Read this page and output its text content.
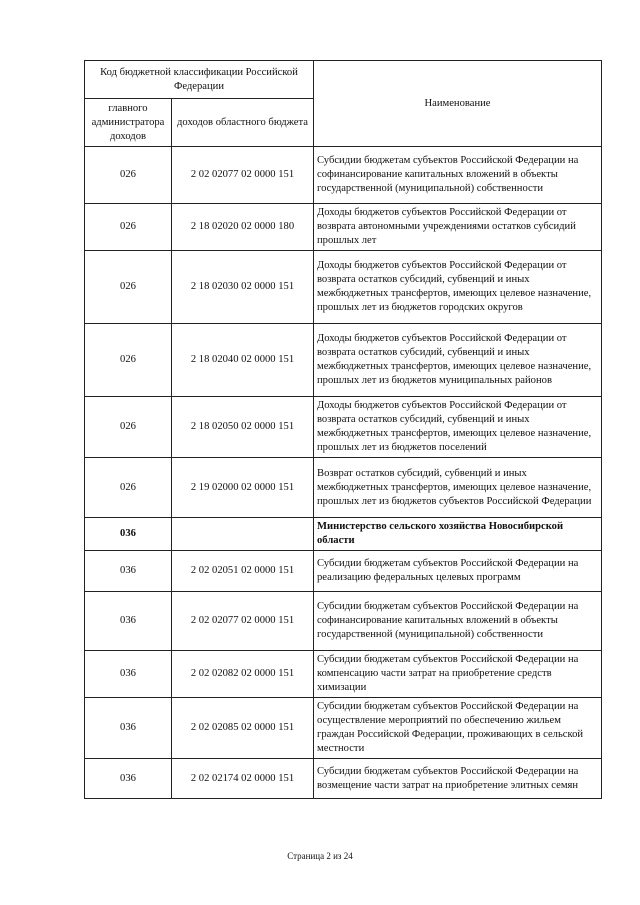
Код бюджетной классификации Российской Федерации		Наименование
главного администратора доходов	доходов областного бюджета	
026	2 02 02077 02 0000 151	Субсидии бюджетам субъектов Российской Федерации на софинансирование капитальных вложений в объекты государственной (муниципальной) собственности
026	2 18 02020 02 0000 180	Доходы бюджетов субъектов Российской Федерации от возврата автономными учреждениями остатков субсидий прошлых лет
026	2 18 02030 02 0000 151	Доходы бюджетов субъектов Российской Федерации от возврата остатков субсидий, субвенций и иных межбюджетных трансфертов, имеющих целевое назначение, прошлых лет из бюджетов городских округов
026	2 18 02040 02 0000 151	Доходы бюджетов субъектов Российской Федерации от возврата остатков субсидий, субвенций и иных межбюджетных трансфертов, имеющих целевое назначение, прошлых лет из бюджетов муниципальных районов
026	2 18 02050 02 0000 151	Доходы бюджетов субъектов Российской Федерации от возврата остатков субсидий, субвенций и иных межбюджетных трансфертов, имеющих целевое назначение, прошлых лет из бюджетов поселений
026	2 19 02000 02 0000 151	Возврат остатков субсидий, субвенций и иных межбюджетных трансфертов, имеющих целевое назначение, прошлых лет из бюджетов субъектов Российской Федерации
036		Министерство сельского хозяйства Новосибирской области
036	2 02 02051 02 0000 151	Субсидии бюджетам субъектов Российской Федерации на реализацию федеральных целевых программ
036	2 02 02077 02 0000 151	Субсидии бюджетам субъектов Российской Федерации на софинансирование капитальных вложений в объекты государственной (муниципальной) собственности
036	2 02 02082 02 0000 151	Субсидии бюджетам субъектов Российской Федерации на компенсацию части затрат на приобретение средств химизации
036	2 02 02085 02 0000 151	Субсидии бюджетам субъектов Российской Федерации на осуществление мероприятий по обеспечению жильем граждан Российской Федерации, проживающих в сельской местности
036	2 02 02174 02 0000 151	Субсидии бюджетам субъектов Российской Федерации на возмещение части затрат на приобретение элитных семян
Страница 2 из 24
